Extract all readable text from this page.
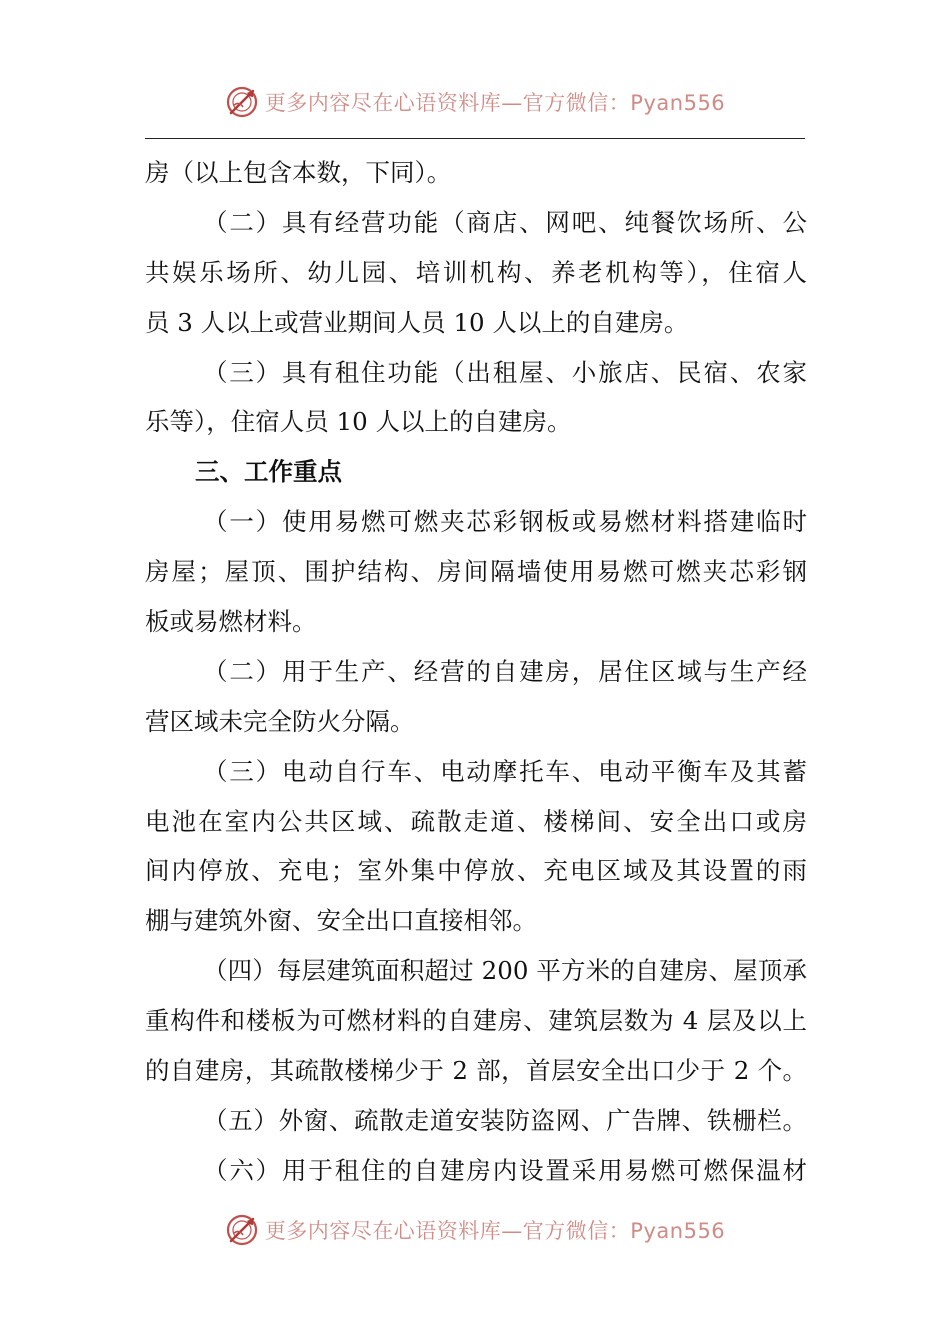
更多内容尽在心语资料库—官方微信：Pyan556
房（以上包含本数，下同）。
（二）具有经营功能（商店、网吧、纯餐饮场所、公
共娱乐场所、幼儿园、培训机构、养老机构等），住宿人
员 3 人以上或营业期间人员 10 人以上的自建房。
（三）具有租住功能（出租屋、小旅店、民宿、农家
乐等），住宿人员 10 人以上的自建房。
三、工作重点
（一）使用易燃可燃夹芯彩钢板或易燃材料搭建临时
房屋；屋顶、围护结构、房间隔墙使用易燃可燃夹芯彩钢
板或易燃材料。
（二）用于生产、经营的自建房，居住区域与生产经
营区域未完全防火分隔。
（三）电动自行车、电动摩托车、电动平衡车及其蓄
电池在室内公共区域、疏散走道、楼梯间、安全出口或房
间内停放、充电；室外集中停放、充电区域及其设置的雨
棚与建筑外窗、安全出口直接相邻。
（四）每层建筑面积超过 200 平方米的自建房、屋顶承
重构件和楼板为可燃材料的自建房、建筑层数为 4 层及以上
的自建房，其疏散楼梯少于 2 部，首层安全出口少于 2 个。
（五）外窗、疏散走道安装防盗网、广告牌、铁栅栏。
（六）用于租住的自建房内设置采用易燃可燃保温材
更多内容尽在心语资料库—官方微信：Pyan556
